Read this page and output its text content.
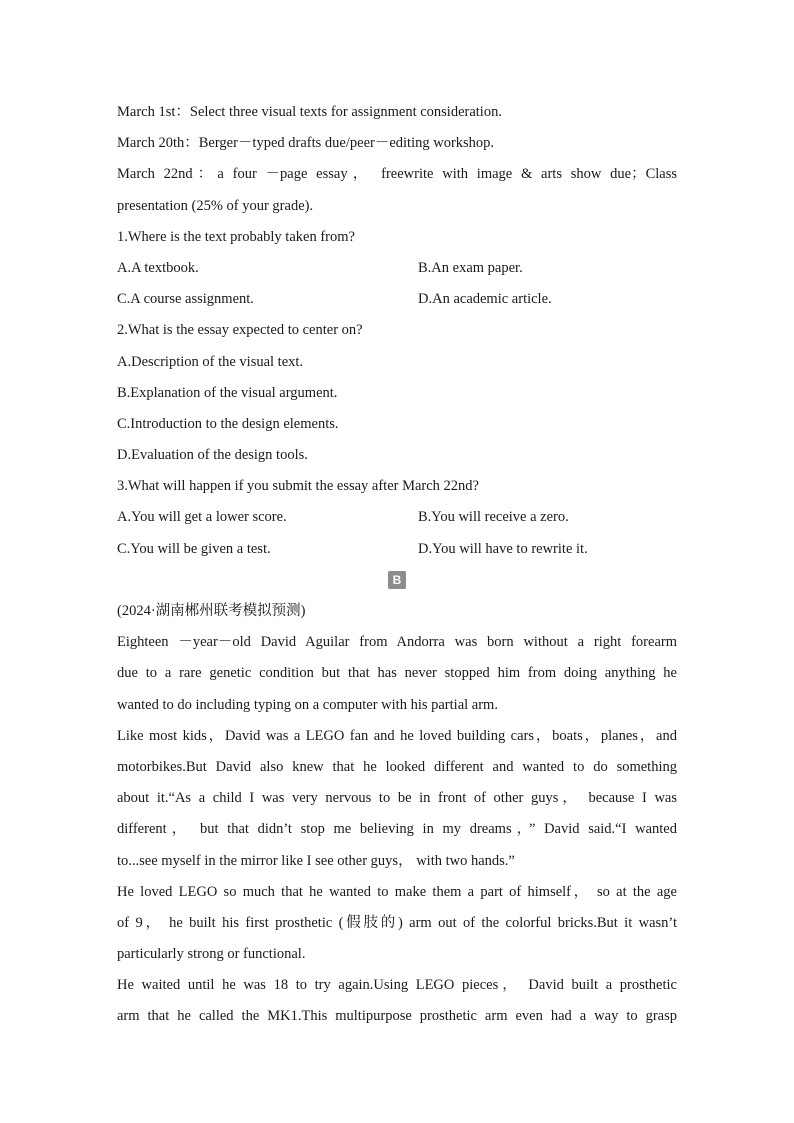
March 1st：Select three visual texts for assignment consideration.
March 20th：Berger－typed drafts due/peer－editing workshop.
March 22nd：a four －page essay， freewrite with image & arts show due；Class
presentation (25% of your grade).
1.Where is the text probably taken from?
A.A textbook.	B.An exam paper.
C.A course assignment.	D.An academic article.
2.What is the essay expected to center on?
A.Description of the visual text.
B.Explanation of the visual argument.
C.Introduction to the design elements.
D.Evaluation of the design tools.
3.What will happen if you submit the essay after March 22nd?
A.You will get a lower score.	B.You will receive a zero.
C.You will be given a test.	D.You will have to rewrite it.
B
(2024·湖南郴州联考模拟预测)
Eighteen －year－old David Aguilar from Andorra was born without a right forearm
due to a rare genetic condition but that has never stopped him from doing anything he
wanted to do including typing on a computer with his partial arm.
Like most kids，David was a LEGO fan and he loved building cars，boats，planes，and
motorbikes.But David also knew that he looked different and wanted to do something
about it.“As a child I was very nervous to be in front of other guys， because I was
different， but that didn’t stop me believing in my dreams，” David said.“I wanted
to...see myself in the mirror like I see other guys， with two hands.”
He loved LEGO so much that he wanted to make them a part of himself， so at the age
of 9， he built his first prosthetic (假肢的) arm out of the colorful bricks.But it wasn’t
particularly strong or functional.
He waited until he was 18 to try again.Using LEGO pieces， David built a prosthetic
arm that he called the MK1.This multipurpose prosthetic arm even had a way to grasp
